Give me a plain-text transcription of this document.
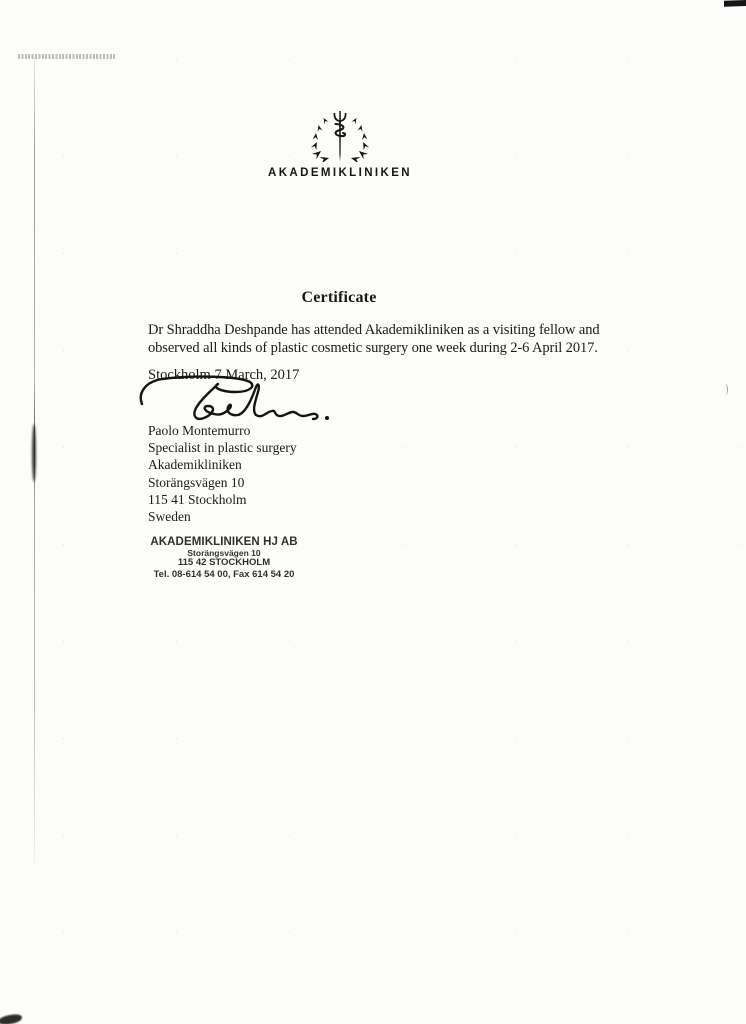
AKADEMIKLINIKEN
Certificate
Dr Shraddha Deshpande has attended Akademikliniken as a visiting fellow and
observed all kinds of plastic cosmetic surgery one week during 2-6 April 2017.
Stockholm 7 March, 2017
Paolo Montemurro
Specialist in plastic surgery
Akademikliniken
Storängsvägen 10
115 41 Stockholm
Sweden
AKADEMIKLINIKEN HJ AB
Storängsvägen 10
115 42 STOCKHOLM
Tel. 08-614 54 00, Fax 614 54 20
